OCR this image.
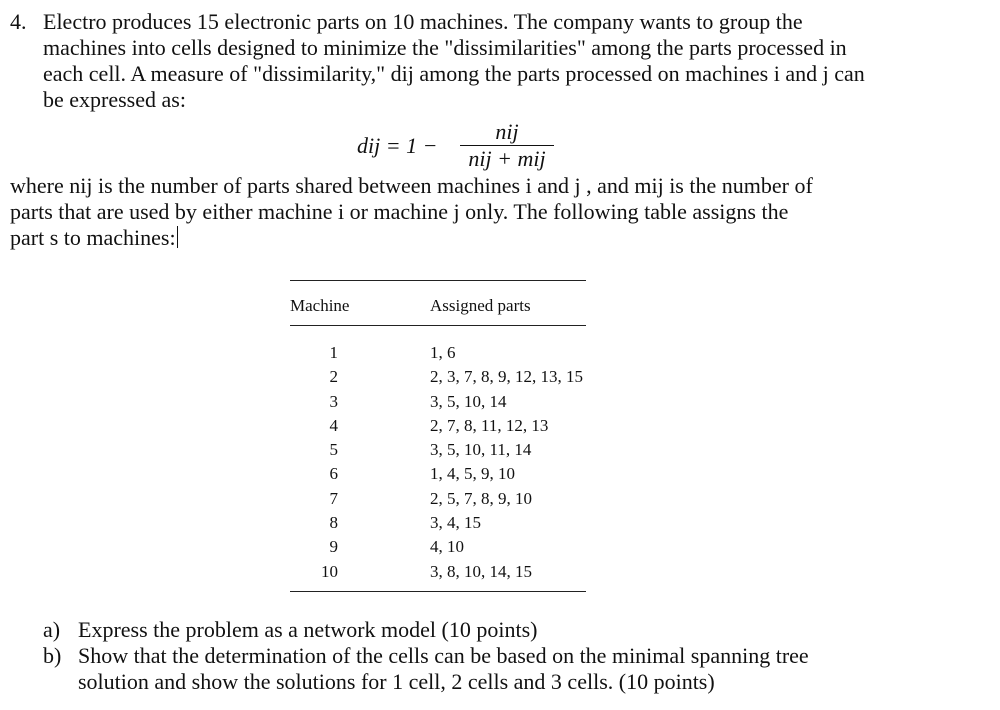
4. Electro produces 15 electronic parts on 10 machines. The company wants to group the
machines into cells designed to minimize the "dissimilarities" among the parts processed in
each cell. A measure of "dissimilarity," dij among the parts processed on machines i and j can
be expressed as:
dij = 1 −
nij
nij + mij
where nij is the number of parts shared between machines i and j , and mij is the number of
parts that are used by either machine i or machine j only. The following table assigns the
part s to machines:
Machine	Assigned parts
1	1, 6
2	2, 3, 7, 8, 9, 12, 13, 15
3	3, 5, 10, 14
4	2, 7, 8, 11, 12, 13
5	3, 5, 10, 11, 14
6	1, 4, 5, 9, 10
7	2, 5, 7, 8, 9, 10
8	3, 4, 15
9	4, 10
10	3, 8, 10, 14, 15
a) Express the problem as a network model (10 points)
b) Show that the determination of the cells can be based on the minimal spanning tree
solution and show the solutions for 1 cell, 2 cells and 3 cells. (10 points)
